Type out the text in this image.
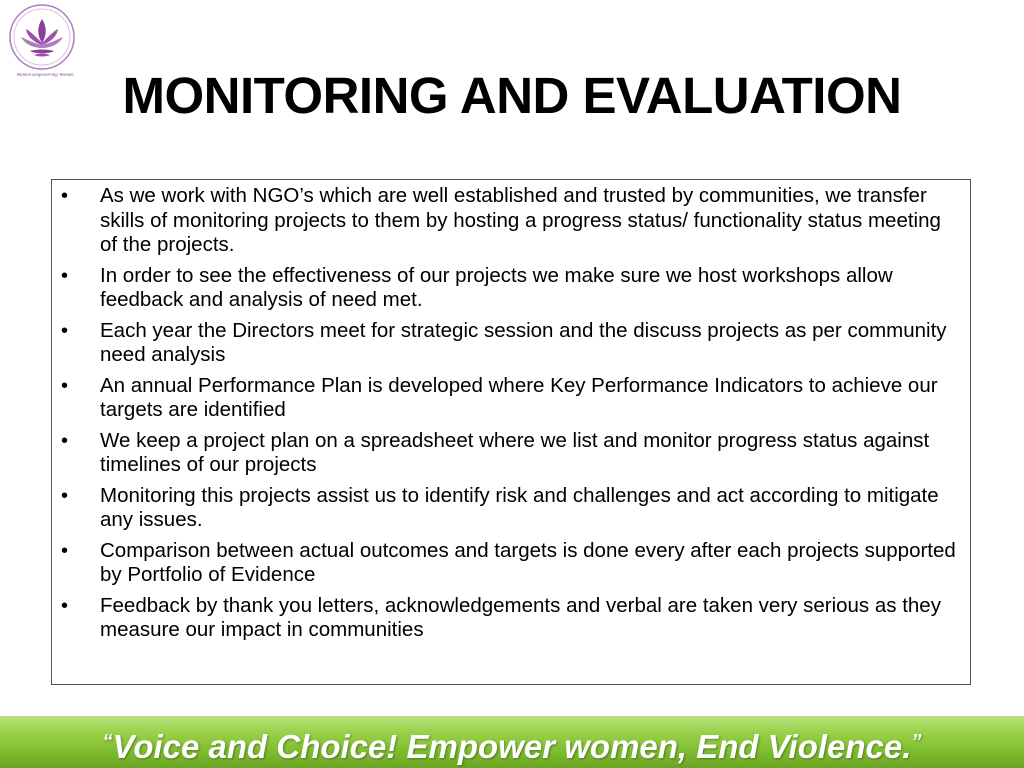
Women Empowering Women MONITORING AND EVALUATION
• As we work with NGO’s which are well established and trusted by communities, we transfer skills of monitoring projects to them by hosting a progress status/ functionality status meeting of the projects.
• In order to see the effectiveness of our projects we make sure we host workshops allow feedback and analysis of need met.
• Each year the Directors meet for strategic session and the discuss projects as per community need analysis
• An annual Performance Plan is developed where Key Performance Indicators to achieve our targets are identified
• We keep a project plan on a spreadsheet where we list and monitor progress status against timelines of our projects
• Monitoring this projects assist us to identify risk and challenges and act according to mitigate any issues.
• Comparison between actual outcomes and targets is done every after each projects supported by Portfolio of Evidence
• Feedback by thank you letters, acknowledgements and verbal are taken very serious as they measure our impact in communities
“Voice and Choice! Empower women, End Violence.”
